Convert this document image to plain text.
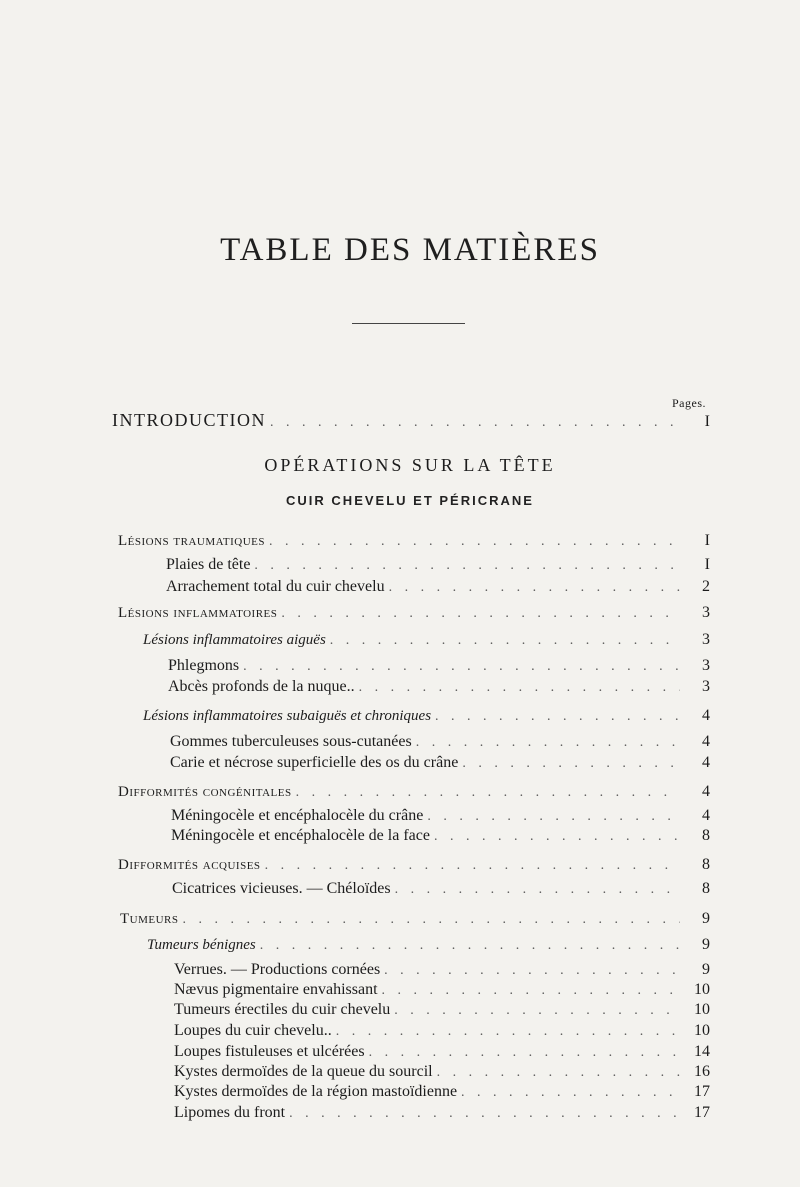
TABLE DES MATIÈRES
Pages.
INTRODUCTION . . .	I
OPÉRATIONS SUR LA TÊTE
CUIR CHEVELU ET PÉRICRANE
Lésions traumatiques . . .	I
Plaies de tête . . .	I
Arrachement total du cuir chevelu . . .	2
Lésions inflammatoires . . .	3
Lésions inflammatoires aiguës . . .	3
Phlegmons . . .	3
Abcès profonds de la nuque.. . . .	3
Lésions inflammatoires subaiguës et chroniques . . .	4
Gommes tuberculeuses sous-cutanées . . .	4
Carie et nécrose superficielle des os du crâne . . .	4
Difformités congénitales . . .	4
Méningocèle et encéphalocèle du crâne . . .	4
Méningocèle et encéphalocèle de la face . . .	8
Difformités acquises . . .	8
Cicatrices vicieuses. — Chéloïdes . . .	8
Tumeurs . . .	9
Tumeurs bénignes . . .	9
Verrues. — Productions cornées . . .	9
Nævus pigmentaire envahissant . . .	10
Tumeurs érectiles du cuir chevelu . . .	10
Loupes du cuir chevelu.. . . .	10
Loupes fistuleuses et ulcérées . . .	14
Kystes dermoïdes de la queue du sourcil . . .	16
Kystes dermoïdes de la région mastoïdienne . . .	17
Lipomes du front . . .	17
